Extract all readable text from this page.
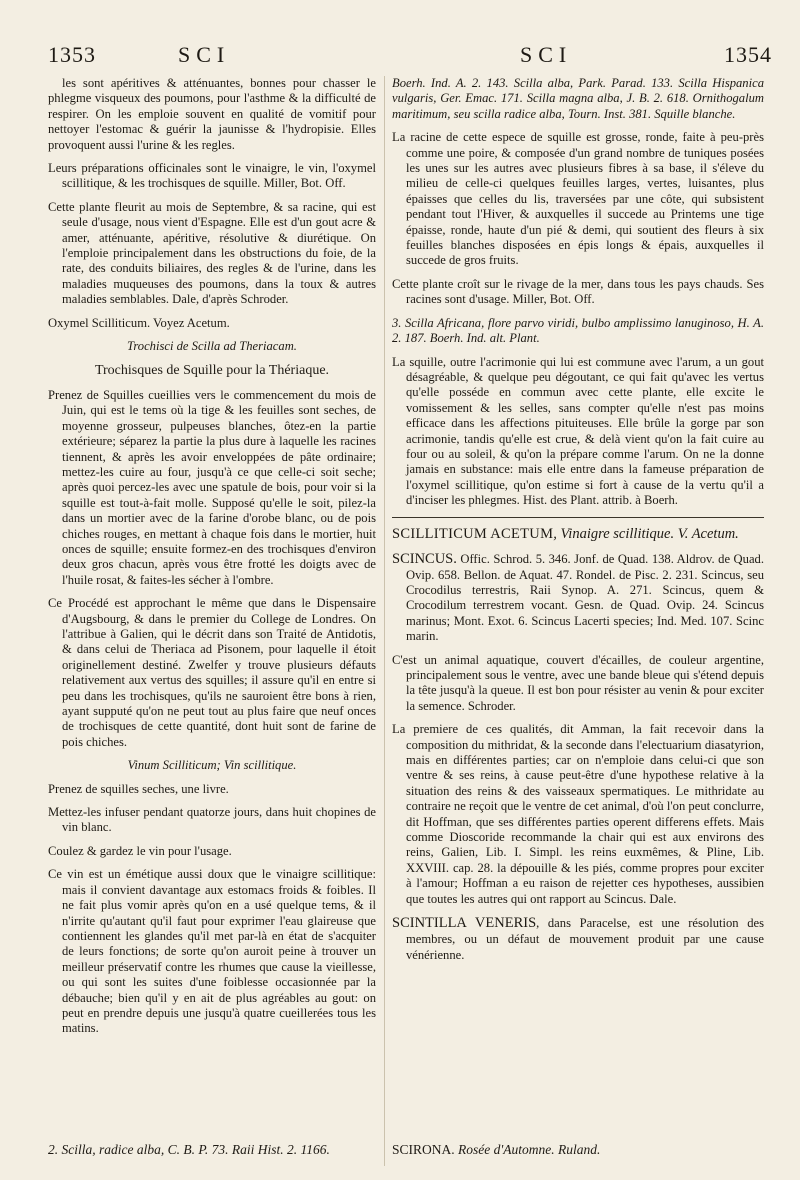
1353	SCI	SCI	1354

les sont apéritives & atténuantes, bonnes pour chasser le phlegme visqueux des poumons, pour l'asthme & la difficulté de respirer. On les emploie souvent en qualité de vomitif pour nettoyer l'estomac & guérir la jaunisse & l'hydropisie. Elles provoquent aussi l'urine & les regles.

Leurs préparations officinales sont le vinaigre, le vin, l'oxymel scillitique, & les trochisques de squille. Miller, Bot. Off.

Cette plante fleurit au mois de Septembre, & sa racine, qui est seule d'usage, nous vient d'Espagne. Elle est d'un gout acre & amer, atténuante, apéritive, résolutive & diurétique. On l'emploie principalement dans les obstructions du foie, de la rate, des conduits biliaires, des regles & de l'urine, dans les maladies muqueuses des poumons, dans la toux & autres maladies semblables. Dale, d'après Schroder.

Oxymel Scilliticum. Voyez Acetum.

Trochisci de Scilla ad Theriacam.

Trochisques de Squille pour la Thériaque.

Prenez de Squilles cueillies vers le commencement du mois de Juin, qui est le tems où la tige & les feuilles sont seches, de moyenne grosseur, pulpeuses blanches, ôtez-en la partie extérieure; séparez la partie la plus dure à laquelle les racines tiennent, & après les avoir enveloppées de pâte ordinaire; mettez-les cuire au four, jusqu'à ce que celle-ci soit seche; après quoi percez-les avec une spatule de bois, pour voir si la squille est tout-à-fait molle. Supposé qu'elle le soit, pilez-la dans un mortier avec de la farine d'orobe blanc, ou de pois chiches rouges, en mettant à chaque fois dans le mortier, huit onces de squille; ensuite formez-en des trochisques d'environ deux gros chacun, après vous être frotté les doigts avec de l'huile rosat, & faites-les sécher à l'ombre.

Ce Procédé est approchant le même que dans le Dispensaire d'Augsbourg, & dans le premier du College de Londres. On l'attribue à Galien, qui le décrit dans son Traité de Antidotis, & dans celui de Theriaca ad Pisonem, pour laquelle il étoit originellement destiné. Zwelfer y trouve plusieurs défauts relativement aux vertus des squilles; il assure qu'il en entre si peu dans les trochisques, qu'ils ne sauroient être bons à rien, ayant supputé qu'on ne peut tout au plus faire que neuf onces de trochisques de cette quantité, dont huit sont de farine de pois chiches.

Vinum Scilliticum; Vin scillitique.

Prenez de squilles seches, une livre.

Mettez-les infuser pendant quatorze jours, dans huit chopines de vin blanc.

Coulez & gardez le vin pour l'usage.

Ce vin est un émétique aussi doux que le vinaigre scillitique: mais il convient davantage aux estomacs froids & foibles. Il ne fait plus vomir après qu'on en a usé quelque tems, & il n'irrite qu'autant qu'il faut pour exprimer l'eau glaireuse que contiennent les glandes qu'il met par-là en état de s'acquiter de leurs fonctions; de sorte qu'on auroit peine à trouver un meilleur préservatif contre les rhumes que cause la vieillesse, ou qui sont les suites d'une foiblesse occasionnée par la débauche; bien qu'il y en ait de plus agréables au gout: on peut en prendre depuis une jusqu'à quatre cueillerées tous les matins.

Boerh. Ind. A. 2. 143. Scilla alba, Park. Parad. 133. Scilla Hispanica vulgaris, Ger. Emac. 171. Scilla magna alba, J. B. 2. 618. Ornithogalum maritimum, seu scilla radice alba, Tourn. Inst. 381. Squille blanche.

La racine de cette espece de squille est grosse, ronde, faite à peu-près comme une poire, & composée d'un grand nombre de tuniques posées les unes sur les autres avec plusieurs fibres à sa base, il s'éleve du milieu de celle-ci quelques feuilles larges, vertes, luisantes, plus épaisses que celles du lis, traversées par une côte, qui subsistent pendant tout l'Hiver, & auxquelles il succede au Printems une tige épaisse, ronde, haute d'un pié & demi, qui soutient des fleurs à six feuilles blanches disposées en épis longs & épais, auxquelles il succede de gros fruits.

Cette plante croît sur le rivage de la mer, dans tous les pays chauds. Ses racines sont d'usage. Miller, Bot. Off.

3. Scilla Africana, flore parvo viridi, bulbo amplissimo lanuginoso, H. A. 2. 187. Boerh. Ind. alt. Plant.

La squille, outre l'acrimonie qui lui est commune avec l'arum, a un gout désagréable, & quelque peu dégoutant, ce qui fait qu'avec les vertus qu'elle posséde en commun avec cette plante, elle excite le vomissement & les selles, sans compter qu'elle n'est pas moins efficace dans les affections pituiteuses. Elle brûle la gorge par son acrimonie, tandis qu'elle est crue, & delà vient qu'on la fait cuire au four ou au soleil, & qu'on la prépare comme l'arum. On ne la donne jamais en substance: mais elle entre dans la fameuse préparation de l'oxymel scillitique, qu'on estime si fort à cause de la vertu qu'il a d'inciser les phlegmes. Hist. des Plant. attrib. à Boerh.

SCILLITICUM ACETUM, Vinaigre scillitique. V. Acetum.

SCINCUS. Offic. Schrod. 5. 346. Jonf. de Quad. 138. Aldrov. de Quad. Ovip. 658. Bellon. de Aquat. 47. Rondel. de Pisc. 2. 231. Scincus, seu Crocodilus terrestris, Raii Synop. A. 271. Scincus, quem & Crocodilum terrestrem vocant. Gesn. de Quad. Ovip. 24. Scincus marinus; Mont. Exot. 6. Scincus Lacerti species; Ind. Med. 107. Scinc marin.

C'est un animal aquatique, couvert d'écailles, de couleur argentine, principalement sous le ventre, avec une bande bleue qui s'étend depuis la tête jusqu'à la queue. Il est bon pour résister au venin & pour exciter la semence. Schroder.

La premiere de ces qualités, dit Amman, la fait recevoir dans la composition du mithridat, & la seconde dans l'electuarium diasatyrion, mais en différentes parties; car on n'emploie dans celui-ci que son ventre & ses reins, à cause peut-être d'une hypothese relative à la situation des reins & des vaisseaux spermatiques. Le mithridate au contraire ne reçoit que le ventre de cet animal, d'où l'on peut conclurre, dit Hoffman, que ses différentes parties operent differens effets. Mais comme Dioscoride recommande la chair qui est aux environs des reins, Galien, Lib. I. Simpl. les reins euxmêmes, & Pline, Lib. XXVIII. cap. 28. la dépouille & les piés, comme propres pour exciter à l'amour; Hoffman a eu raison de rejetter ces hypotheses, aussibien que toutes les autres qui ont rapport au Scincus. Dale.

SCINTILLA VENERIS, dans Paracelse, est une résolution des membres, ou un défaut de mouvement produit par une cause vénérienne.

2. Scilla, radice alba, C. B. P. 73. Raii Hist. 2. 1166.	SCIRONA. Rosée d'Automne. Ruland.
